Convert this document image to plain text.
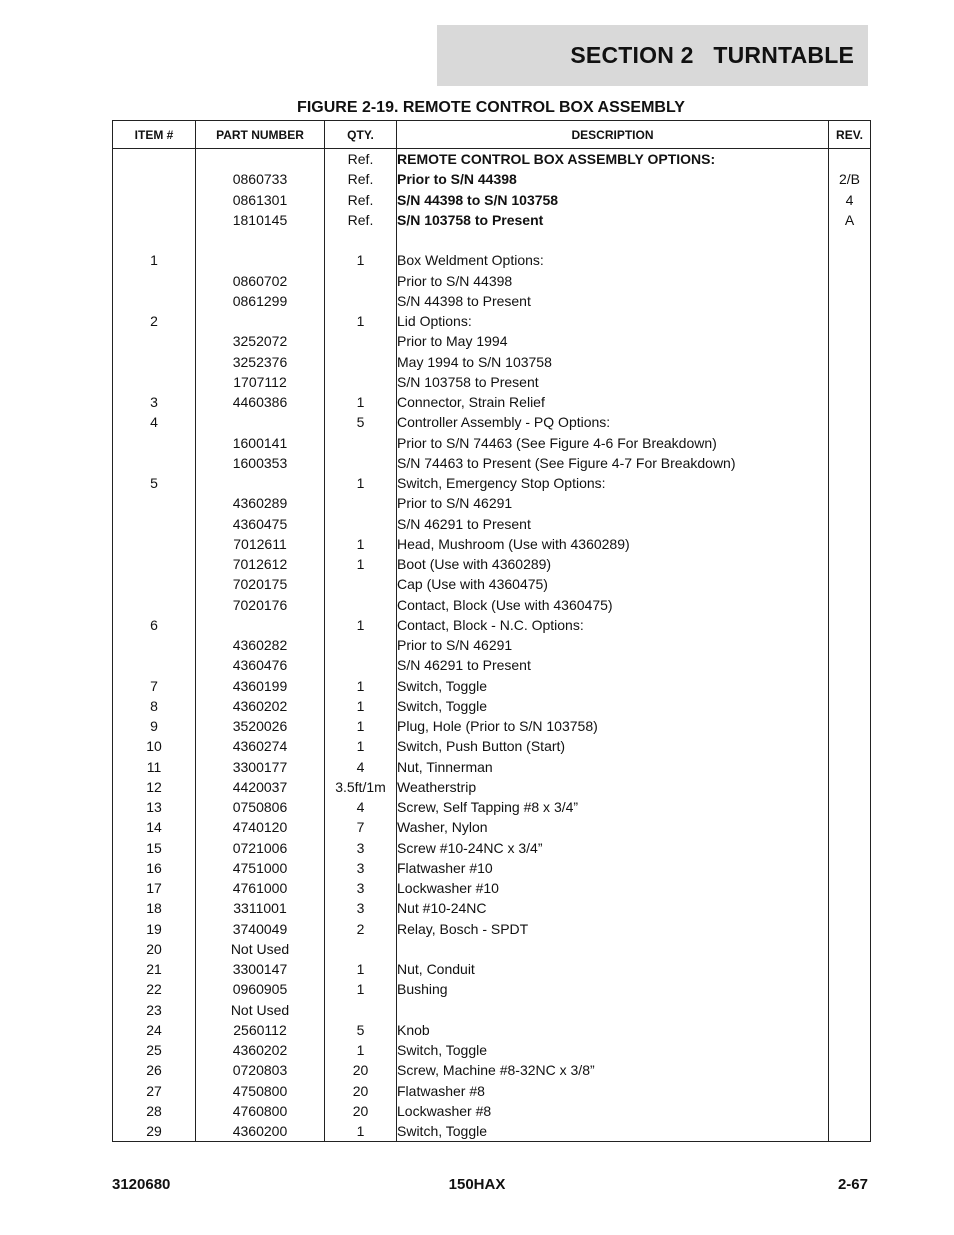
SECTION 2   TURNTABLE
FIGURE 2-19. REMOTE CONTROL BOX ASSEMBLY
ITEM #	PART NUMBER	QTY.	DESCRIPTION	REV.
		Ref.	REMOTE CONTROL BOX ASSEMBLY OPTIONS:	
	0860733	Ref.	Prior to S/N 44398	2/B
	0861301	Ref.	S/N 44398 to S/N 103758	4
	1810145	Ref.	S/N 103758 to Present	A

1		1	Box Weldment Options:	
	0860702		Prior to S/N 44398	
	0861299		S/N 44398 to Present	
2		1	Lid Options:	
	3252072		Prior to May 1994	
	3252376		May 1994 to S/N 103758	
	1707112		S/N 103758 to Present	
3	4460386	1	Connector, Strain Relief	
4		5	Controller Assembly - PQ Options:	
	1600141		Prior to S/N 74463 (See Figure 4-6 For Breakdown)	
	1600353		S/N 74463 to Present (See Figure 4-7 For Breakdown)	
5		1	Switch, Emergency Stop Options:	
	4360289		Prior to S/N 46291	
	4360475		S/N 46291 to Present	
	7012611	1	Head, Mushroom (Use with 4360289)	
	7012612	1	Boot (Use with 4360289)	
	7020175		Cap (Use with 4360475)	
	7020176		Contact, Block (Use with 4360475)	
6		1	Contact, Block - N.C. Options:	
	4360282		Prior to S/N 46291	
	4360476		S/N 46291 to Present	
7	4360199	1	Switch, Toggle	
8	4360202	1	Switch, Toggle	
9	3520026	1	Plug, Hole (Prior to S/N 103758)	
10	4360274	1	Switch, Push Button (Start)	
11	3300177	4	Nut, Tinnerman	
12	4420037	3.5ft/1m	Weatherstrip	
13	0750806	4	Screw, Self Tapping #8 x 3/4”	
14	4740120	7	Washer, Nylon	
15	0721006	3	Screw #10-24NC x 3/4”	
16	4751000	3	Flatwasher #10	
17	4761000	3	Lockwasher #10	
18	3311001	3	Nut #10-24NC	
19	3740049	2	Relay, Bosch - SPDT	
20	Not Used			
21	3300147	1	Nut, Conduit	
22	0960905	1	Bushing	
23	Not Used			
24	2560112	5	Knob	
25	4360202	1	Switch, Toggle	
26	0720803	20	Screw, Machine #8-32NC x 3/8”	
27	4750800	20	Flatwasher #8	
28	4760800	20	Lockwasher #8	
29	4360200	1	Switch, Toggle	
3120680	150HAX	2-67
